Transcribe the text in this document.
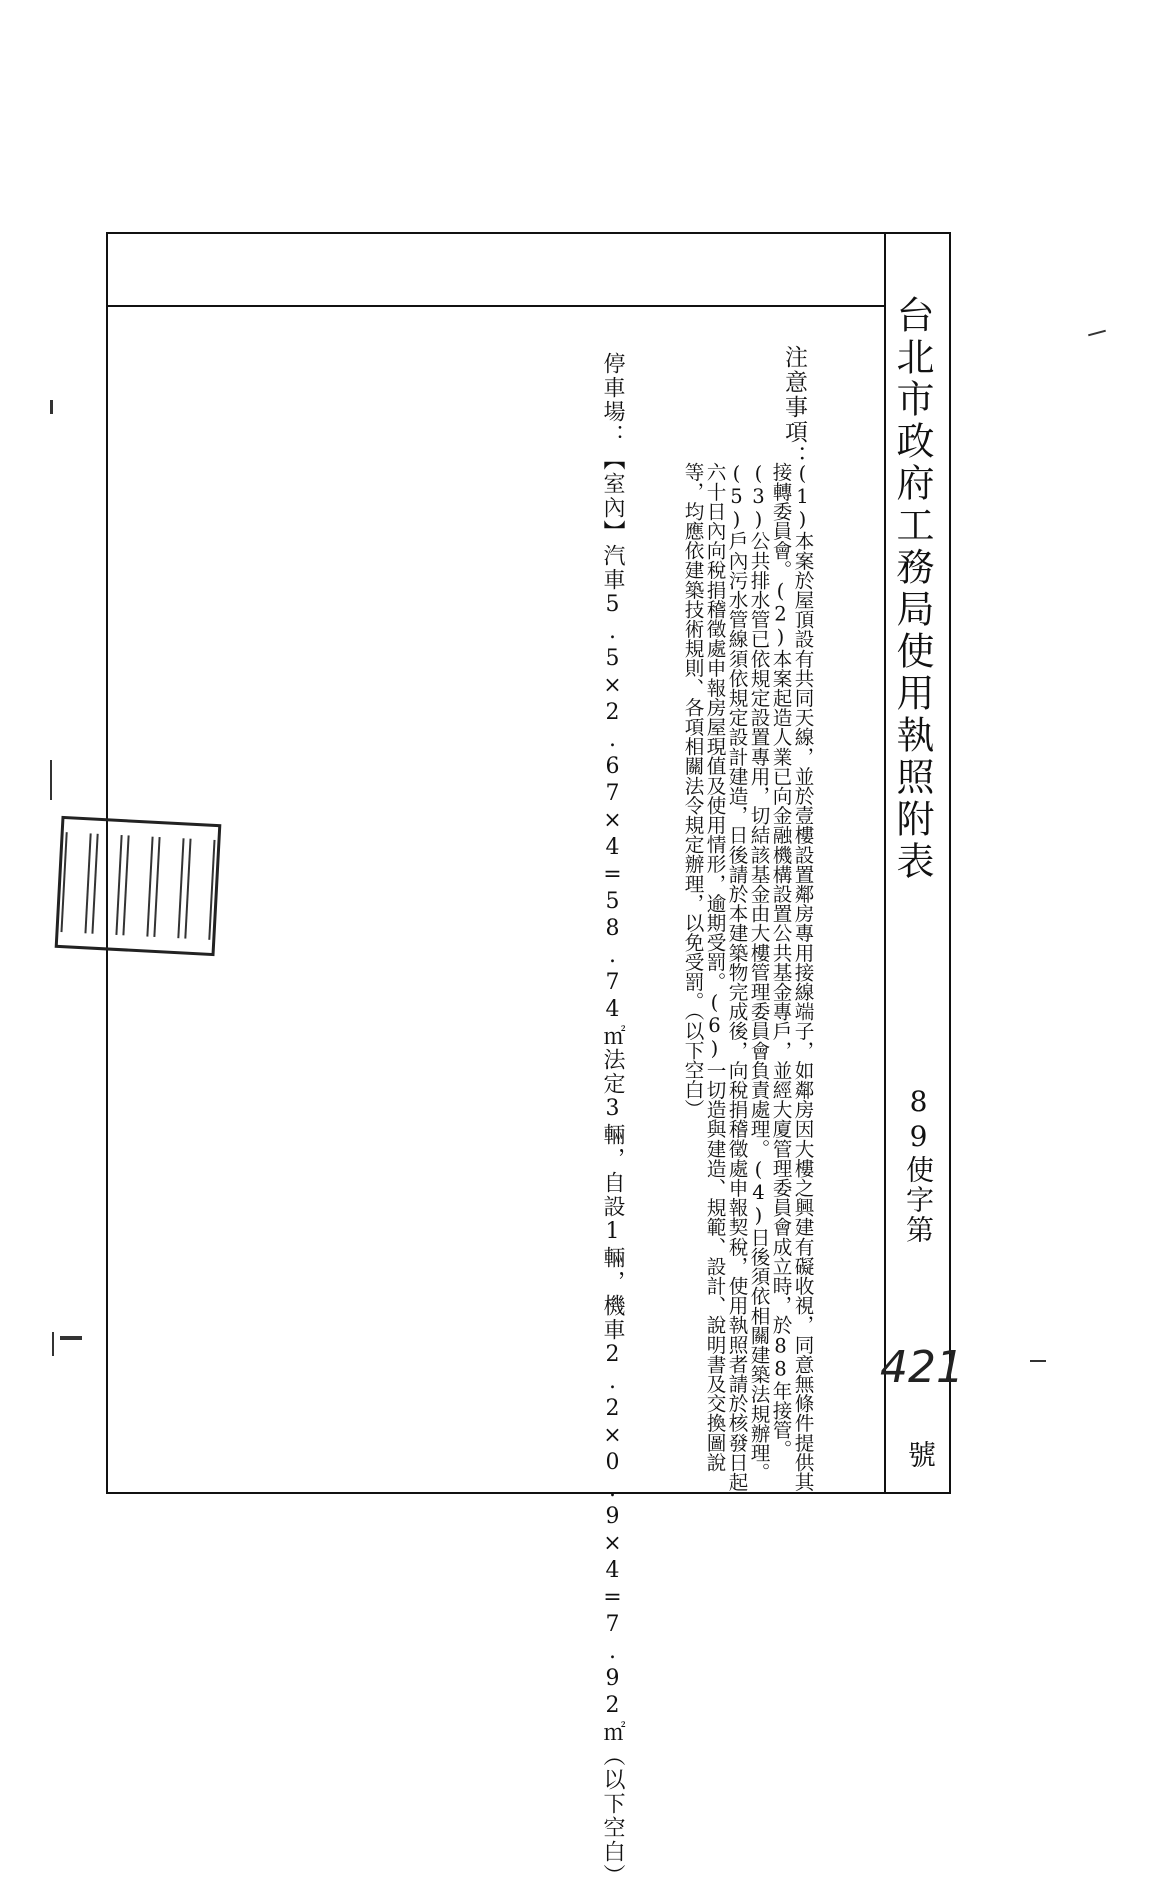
台北市政府工務局使用執照附表
89使字第
421
號
注意事項：
(1)本案於屋頂設有共同天線，並於壹樓設置鄰房專用接線端子，如鄰房因大樓之興建有礙收視，同意無條件提供其接轉委員會。(2)本案起造人業已向金融機構設置公共基金專戶，並經大廈管理委員會成立時，於88年接管。(3)公共排水管已依規定設置專用，切結該基金由大樓管理委員會負責處理。(4)日後須依相關建築法規辦理。(5)戶內污水管線須依規定設計建造，日後請於本建築物完成後，向稅捐稽徵處申報契稅，使用執照者請於核發日起六十日內向稅捐稽徵處申報房屋現值及使用情形，逾期受罰。(6)一切造與建造、規範、設計、說明書及交換圖說等，均應依建築技術規則、各項相關法令規定辦理，以免受罰。（以下空白）
停車場：【室內】汽車5.5×2.67×4=58.74㎡法定3輛，自設1輛，機車2.2×0.9×4=7.92㎡（以下空白）
